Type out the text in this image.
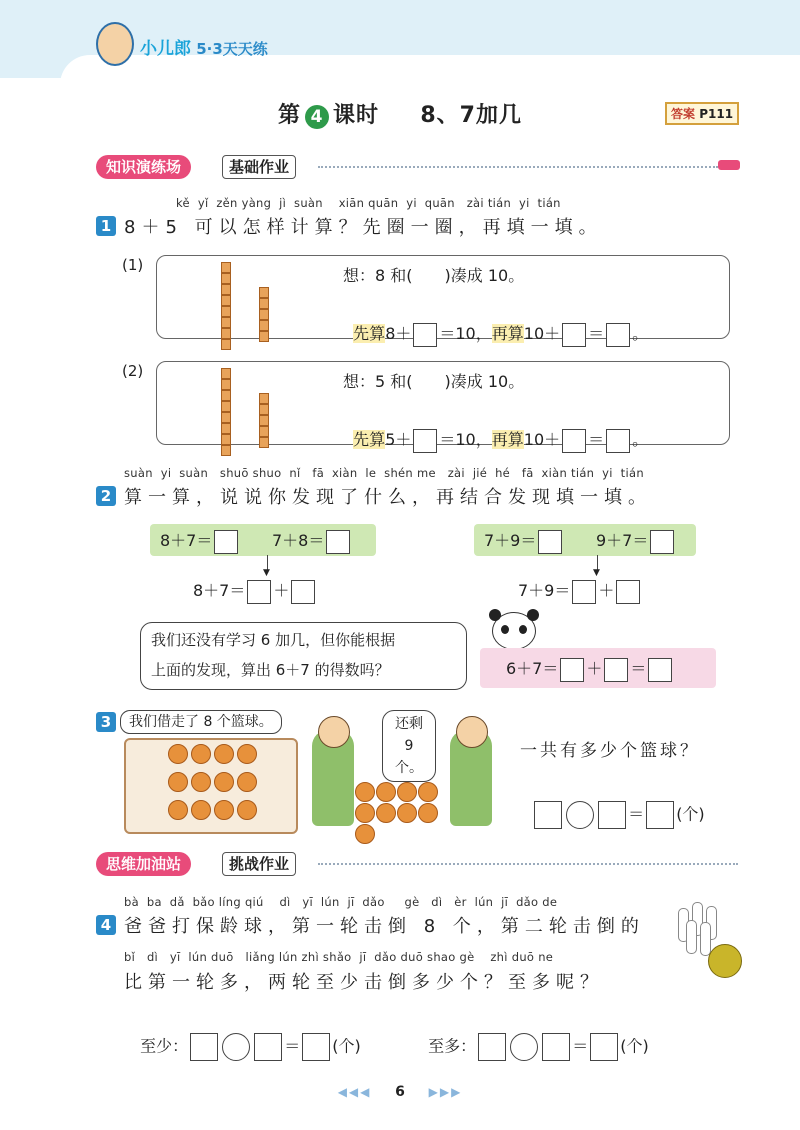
小儿郎 5·3天天练
第 4 课时 8、7加几	答案 P111
知识演练场	基础作业
kě  yǐ  zěn yàng  jì  suàn    xiān quān  yi  quān   zài tián  yi  tián
1 8＋5 可以怎样计算？先圈一圈，再填一填。
(1)
想：8 和(　　)凑成 10。

先算8＋ ＝10，再算10＋ ＝ 。

(2)
想：5 和(　　)凑成 10。

先算5＋ ＝10，再算10＋ ＝ 。

suàn  yi  suàn   shuō shuo  nǐ   fā  xiàn  le  shén me   zài  jié  hé   fā  xiàn tián  yi  tián
2 算一算，说说你发现了什么，再结合发现填一填。
8＋7＝	7＋8＝
▼
8＋7＝ ＋
7＋9＝	9＋7＝
▼
7＋9＝ ＋
我们还没有学习 6 加几，但你能根据
上面的发现，算出 6＋7 的得数吗？	6＋7＝ ＋ ＝
3	我们借走了 8 个篮球。	还剩
9 个。
一共有多少个篮球？

＝ (个)

思维加油站	挑战作业
bà  ba  dǎ  bǎo líng qiú    dì   yī  lún  jī  dǎo     gè   dì   èr  lún  jī  dǎo de
4 爸爸打保龄球，第一轮击倒 8 个，第二轮击倒的
bǐ   dì   yī  lún duō   liǎng lún zhì shǎo  jī  dǎo duō shao gè    zhì duō ne
比第一轮多，两轮至少击倒多少个？至多呢？

至少：	＝ (个)	至多：	＝ (个)

◀◀◀ 6 ▶▶▶
